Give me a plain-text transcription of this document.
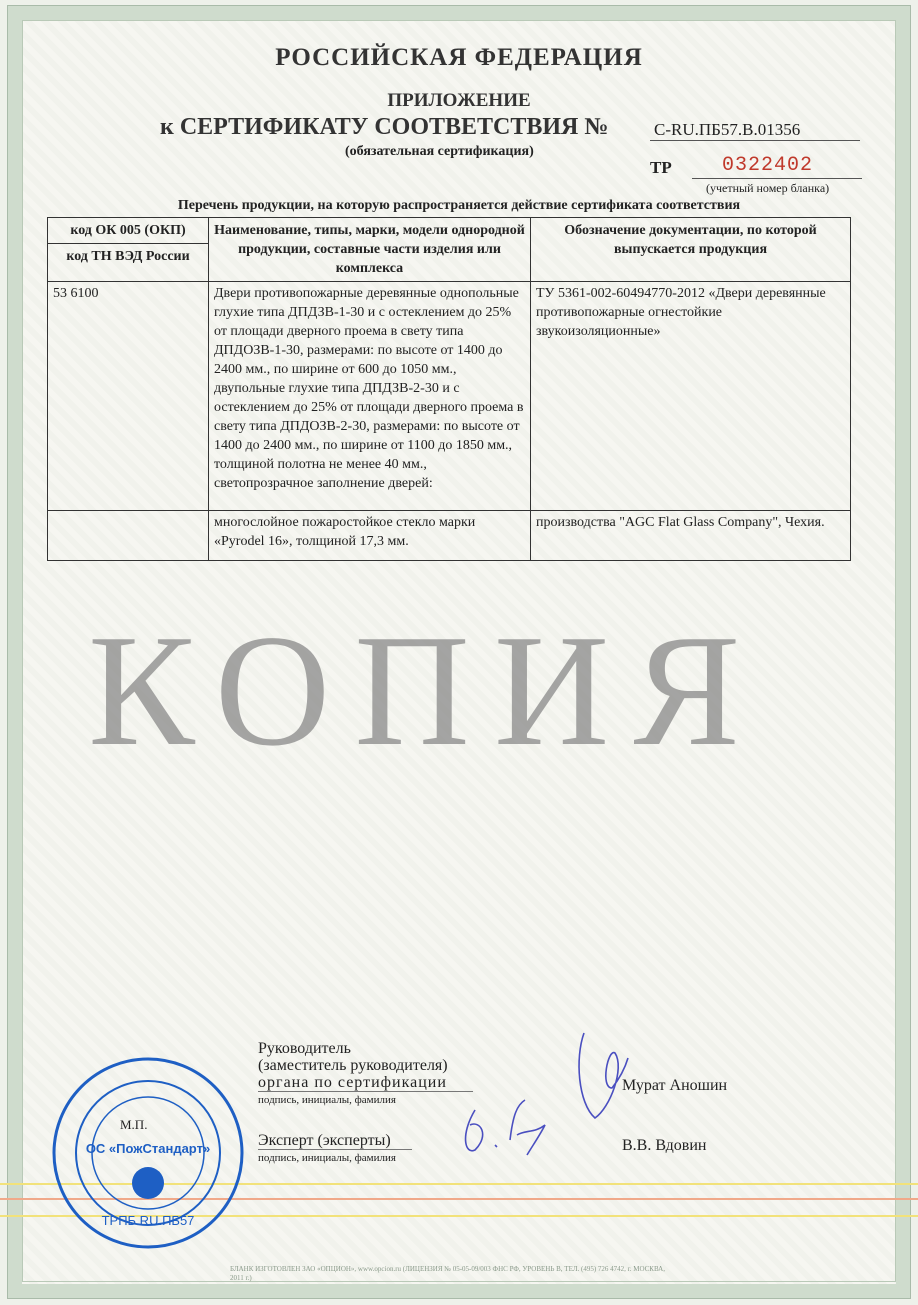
РОССИЙСКАЯ ФЕДЕРАЦИЯ
ПРИЛОЖЕНИЕ
к СЕРТИФИКАТУ СООТВЕТСТВИЯ №	C-RU.ПБ57.В.01356
(обязательная сертификация)
ТР	0322402
(учетный номер бланка)
Перечень продукции, на которую распространяется действие сертификата соответствия
код ОК 005 (ОКП)	Наименование, типы, марки, модели однородной продукции, составные части изделия или комплекса	Обозначение документации, по которой выпускается продукция
код ТН ВЭД России		
53 6100	Двери противопожарные деревянные однопольные глухие типа ДПДЗВ-1-30 и с остеклением до 25% от площади дверного проема в свету типа ДПДОЗВ-1-30, размерами: по высоте от 1400 до 2400 мм., по ширине от 600 до 1050 мм., двупольные глухие типа ДПДЗВ-2-30 и с остеклением до 25% от площади дверного проема в свету типа ДПДОЗВ-2-30, размерами: по высоте от 1400 до 2400 мм., по ширине от 1100 до 1850 мм., толщиной полотна не менее 40 мм., светопрозрачное заполнение дверей:	ТУ 5361-002-60494770-2012 «Двери деревянные противопожарные огнестойкие звукоизоляционные»
	многослойное пожаростойкое стекло марки «Pyrodel 16», толщиной 17,3 мм.	производства "AGC Flat Glass Company", Чехия.
КОПИЯ
Руководитель
(заместитель руководителя)
органа по сертификации
подпись, инициалы, фамилия
Эксперт (эксперты)
подпись, инициалы, фамилия
Мурат Аношин
В.В. Вдовин
М.П.
ОС «ПожСтандарт»
ТРПБ.RU.ПБ57
БЛАНК ИЗГОТОВЛЕН ЗАО «ОПЦИОН», www.opcion.ru (ЛИЦЕНЗИЯ № 05-05-09/003 ФНС РФ, УРОВЕНЬ В, ТЕЛ. (495) 726 4742, г. МОСКВА, 2011 г.)
